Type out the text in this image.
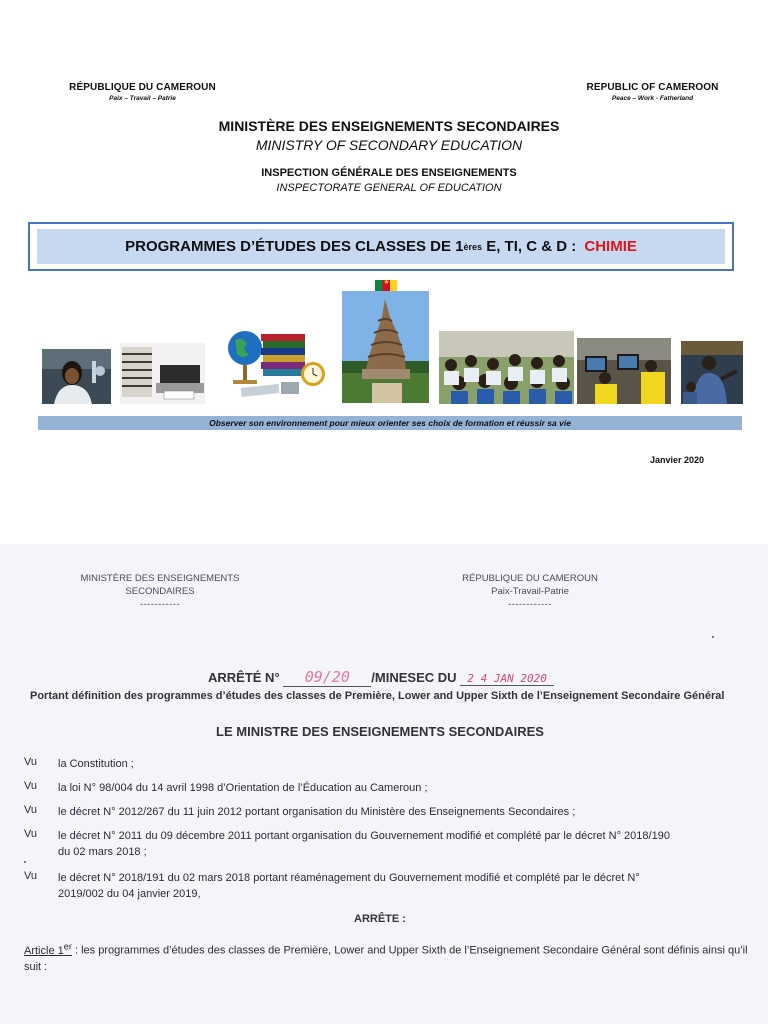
RÉPUBLIQUE DU CAMEROUN
Paix – Travail – Patrie
REPUBLIC OF CAMEROON
Peace – Work - Fatherland
MINISTÈRE DES ENSEIGNEMENTS SECONDAIRES
MINISTRY OF SECONDARY EDUCATION
INSPECTION GÉNÉRALE DES ENSEIGNEMENTS
INSPECTORATE GENERAL OF EDUCATION
PROGRAMMES D’ÉTUDES DES CLASSES DE 1 ères E, TI, C & D : CHIMIE
★
Observer son environnement pour mieux orienter ses choix de formation et réussir sa vie
Janvier 2020
MINISTÈRE DES ENSEIGNEMENTS
SECONDAIRES
-----------
RÉPUBLIQUE DU CAMEROUN
Paix-Travail-Patrie
------------
ARRÊTÉ N° 09/20 /MINESEC DU 2 4 JAN 2020
Portant définition des programmes d’études des classes de Première, Lower and Upper Sixth de l’Enseignement Secondaire Général
LE MINISTRE DES ENSEIGNEMENTS SECONDAIRES
Vu	la Constitution ;
Vu	la loi N° 98/004 du 14 avril 1998 d’Orientation de l’Éducation au Cameroun ;
Vu	le décret N° 2012/267 du 11 juin 2012 portant organisation du Ministère des Enseignements Secondaires ;
Vu	le décret N° 2011 du 09 décembre 2011 portant organisation du Gouvernement modifié et complété par le décret N° 2018/190 du 02 mars 2018 ;
Vu	le décret N° 2018/191 du 02 mars 2018 portant réaménagement du Gouvernement modifié et complété par le décret N° 2019/002 du 04 janvier 2019,
ARRÊTE :
Article 1er : les programmes d’études des classes de Première, Lower and Upper Sixth de l’Enseignement Secondaire Général sont définis ainsi qu’il suit :
